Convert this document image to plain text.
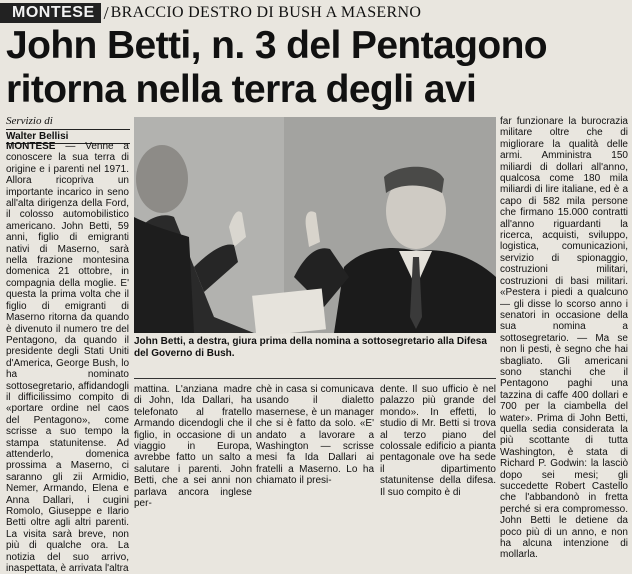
MONTESE / BRACCIO DESTRO DI BUSH A MASERNO
John Betti, n. 3 del Pentagono
ritorna nella terra degli avi
Servizio di
Walter Bellisi

MONTESE — Venne a conoscere la sua terra di origine e i parenti nel 1971. Allora ricopriva un importante incarico in seno all'alta dirigenza della Ford, il colosso automobilistico americano. John Betti, 59 anni, figlio di emigranti nativi di Maserno, sarà nella frazione montesina domenica 21 ottobre, in compagnia della moglie. E' questa la prima volta che il figlio di emigranti di Maserno ritorna da quando è divenuto il numero tre del Pentagono, da quando il presidente degli Stati Uniti d'America, George Bush, lo ha nominato sottosegretario, affidandogli il difficilissimo compito di «portare ordine nel caos del Pentagono», come scrisse a suo tempo la stampa statunitense. Ad attenderlo, domenica prossima a Maserno, ci saranno gli zii Armidio, Nemer, Armando, Elena e Anna Dallari, i cugini Romolo, Giuseppe e Ilario Betti oltre agli altri parenti. La visita sarà breve, non più di qualche ora. La notizia del suo arrivo, inaspettata, è arrivata l'altra

John Betti, a destra, giura prima della nomina a sottosegretario alla Difesa del Governo di Bush.

mattina. L'anziana madre di John, Ida Dallari, ha telefonato al fratello Armando dicendogli che il figlio, in occasione di un viaggio in Europa, avrebbe fatto un salto a salutare i parenti. John Betti, che a sei anni non parlava ancora inglese per-

chè in casa si comunicava usando il dialetto masernese, è un manager che si è fatto da solo. «E' andato a lavorare a Washington — scrisse mesi fa Ida Dallari ai fratelli a Maserno. Lo ha chiamato il presi-

dente. Il suo ufficio è nel palazzo più grande del mondo». In effetti, lo studio di Mr. Betti si trova al terzo piano del colossale edificio a pianta pentagonale ove ha sede il dipartimento statunitense della difesa. Il suo compito è di

far funzionare la burocrazia militare oltre che di migliorare la qualità delle armi. Amministra 150 miliardi di dollari all'anno, qualcosa come 180 mila miliardi di lire italiane, ed è a capo di 582 mila persone che firmano 15.000 contratti all'anno riguardanti la ricerca, acquisti, sviluppo, logistica, comunicazioni, servizio di spionaggio, costruzioni militari, costruzioni di basi militari. «Pestera i piedi a qualcuno — gli disse lo scorso anno i senatori in occasione della sua nomina a sottosegretario. — Ma se non li pesti, è segno che hai sbagliato. Gli americani sono stanchi che il Pentagono paghi una tazzina di caffe 400 dollari e 700 per la ciambella del water». Prima di John Betti, quella sedia considerata la più scottante di tutta Washington, è stata di Richard P. Godwin: la lasciò dopo sei mesi; gli succedette Robert Castello che l'abbandonò in fretta perché si era compromesso. John Betti le detiene da poco più di un anno, e non ha alcuna intenzione di mollarla.
